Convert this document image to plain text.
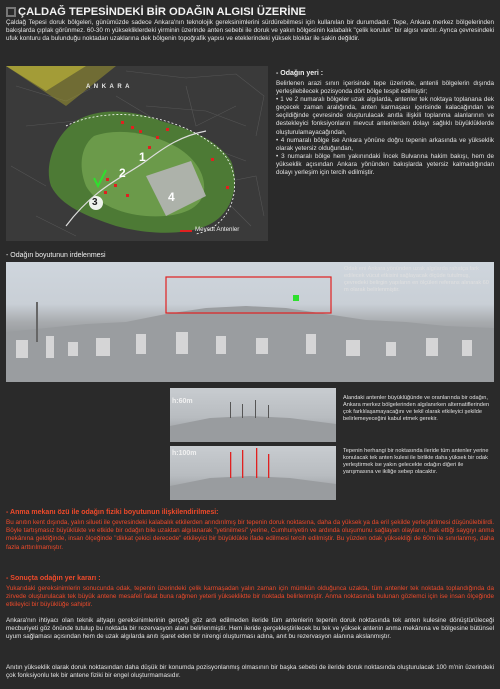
ÇALDAĞ TEPESİNDEKİ BİR ODAĞIN ALGISI ÜZERİNE
Çaldağ Tepesi doruk bölgeleri, günümüzde sadece Ankara'nın teknolojik gereksinimlerini sürdürebilmesi için kullanılan bir durumdadır. Tepe, Ankara merkez bölgelerinden bakışlarda çıplak görünmez. 60-30 m yüksekliklerdeki yirminin üzerinde anten sebebi ile doruk ve yakın bölgesinin kalabalık "çelik koruluk" bir algısı vardır. Ayrıca çevresindeki ufuk konturu da bulunduğu noktadan uzaklarına dek bölgenin topoğrafik yapısı ve eteklerindeki yüksek bloklar ile sakin değildir.
A N K A R A
1
2
3	4
Mevcut Antenler
- Odağın yeri :
Belirlenen arazi sınırı içerisinde tepe üzerinde, antenli bölgelerin dışında yerleşilebilecek pozisyonda dört bölge tespit edilmiştir;
• 1 ve 2 numaralı bölgeler uzak algılarda, antenler tek noktaya toplanana dek geçecek zaman aralığında, anten karmaşası içerisinde kalacağından ve seçildiğinde çevresinde oluşturulacak anıtla ilişkili toplanma alanlarının ve destekleyici fonksiyonların mevcut antenlerden dolayı sağlıklı büyüklüklerde oluşturulamayacağından,
• 4 numaralı bölge ise Ankara yönüne doğru tepenin arkasında ve yükseklik olarak yetersiz olduğundan,
• 3 numaralı bölge hem yakınındaki İncek Bulvarına hakim bakışı, hem de yükseklik açısından Ankara yönünden bakışlarda yetersiz kalmadığından dolayı yerleşim için tercih edilmiştir.
- Odağın boyutunun irdelenmesi
Odak eni Ankara yönünden uzak algılarda rahatça fark edilecek vücut etkisini sağlayacak ölçüde tutulmuş, çevredeki belirgin yapıların en ölçüleri referans alınarak 60 m olarak belirlenmiştir.
h:60m	Alandaki antenler büyüklüğünde ve oranlarında bir odağın, Ankara merkez bölgelerinden algılanırken alternatiflerinden çok farklılaşamayacağını ve tekil olarak etkileyici şekilde belirlemeyeceğini kabul etmek gerekir.
h:100m	Tepenin herhangi bir noktasında ileride tüm antenler yerine konulacak tek anten kulesi ile birlikte daha yüksek bir odak yerleştirmek ise yakın gelecekte odağın diğeri ile yarışmasına ve ikiliğe sebep olacaktır.
- Anma mekanı özü ile odağın fiziki boyutunun ilişkilendirilmesi:
Bu anıtın kent dışında, yalın silueti ile çevresindeki kalabalık etkilerden arındırılmış bir tepenin doruk noktasına, daha da yüksek ya da eril şekilde yerleştirilmesi düşünülebilirdi. Böyle tartışmasız büyüklükte ve etkide bir odağın bile uzaktan algılanarak "yetinilmesi" yerine, Cumhuriyetin ve ardında oluşumunu sağlayan olayların, hak ettiği saygıyı anma mekânına geldiğinde, insan ölçeğinde "dikkat çekici derecede" etkileyici bir büyüklükle ifade edilmesi tercih edilmiştir. Bu yüzden odak yüksekliği de 60m ile sınırlanmış, daha fazla arttırılmamıştır.
- Sonuçta odağın yer kararı :
Yukarıdaki gereksinimlerin sonucunda odak, tepenin üzerindeki çelik karmaşadan yalın zaman için mümkün olduğunca uzakta, tüm antenler tek noktada toplandığında da zirvede oluşturulacak tek büyük antene mesafeli fakat buna rağmen yeterli yüksekliktte bir noktada belirlenmiştir. Anma noktasında bulunan gözlemci için ise insan ölçeğinde etkileyici bir büyüklüğe sahiptir.
Ankara'nın ihtiyacı olan teknik altyapı gereksinimlerinin gerçeği göz ardı edilmeden ileride tüm antenlerin tepenin doruk noktasında tek anten kulesine dönüştürüleceği mecburiyeti göz önünde tutulup bu noktada bir rezervasyon alanı belirlenmiştir. Hem ileride gerçekleştirilecek bu tek ve yüksek antenin anma mekânına ve bölgesine bütünsel uyum sağlaması açısından hem de uzak algılarda anıtı işaret eden bir nirengi oluşturması adına, anıt bu rezervasyon alanına akslanmıştır.
Anıtın yükseklik olarak doruk noktasından daha düşük bir konumda pozisyonlanmış olmasının bir başka sebebi de ileride doruk noktasında oluşturulacak 100 m'nin üzerindeki çok fonksiyonlu tek bir antene fiziki bir engel oluşturmamasıdır.
